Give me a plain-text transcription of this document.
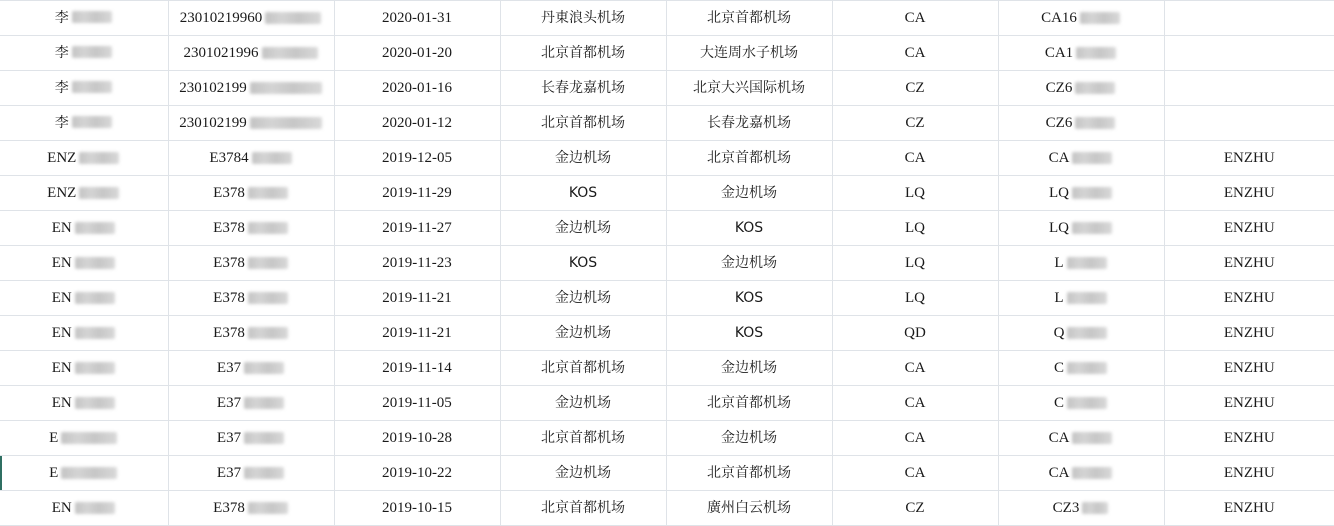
李	23010219960	2020-01-31	丹東浪头机场	北京首都机场	CA	CA16	

李	2301021996	2020-01-20	北京首都机场	大连周水子机场	CA	CA1	

李	230102199	2020-01-16	长春龙嘉机场	北京大兴国际机场	CZ	CZ6	

李	230102199	2020-01-12	北京首都机场	长春龙嘉机场	CZ	CZ6	

ENZ	E3784	2019-12-05	金边机场	北京首都机场	CA	CA	ENZHU

ENZ	E378	2019-11-29	KOS	金边机场	LQ	LQ	ENZHU

EN	E378	2019-11-27	金边机场	KOS	LQ	LQ	ENZHU

EN	E378	2019-11-23	KOS	金边机场	LQ	L	ENZHU

EN	E378	2019-11-21	金边机场	KOS	LQ	L	ENZHU

EN	E378	2019-11-21	金边机场	KOS	QD	Q	ENZHU

EN	E37	2019-11-14	北京首都机场	金边机场	CA	C	ENZHU

EN	E37	2019-11-05	金边机场	北京首都机场	CA	C	ENZHU

E	E37	2019-10-28	北京首都机场	金边机场	CA	CA	ENZHU

E	E37	2019-10-22	金边机场	北京首都机场	CA	CA	ENZHU

EN	E378	2019-10-15	北京首都机场	廣州白云机场	CZ	CZ3	ENZHU
